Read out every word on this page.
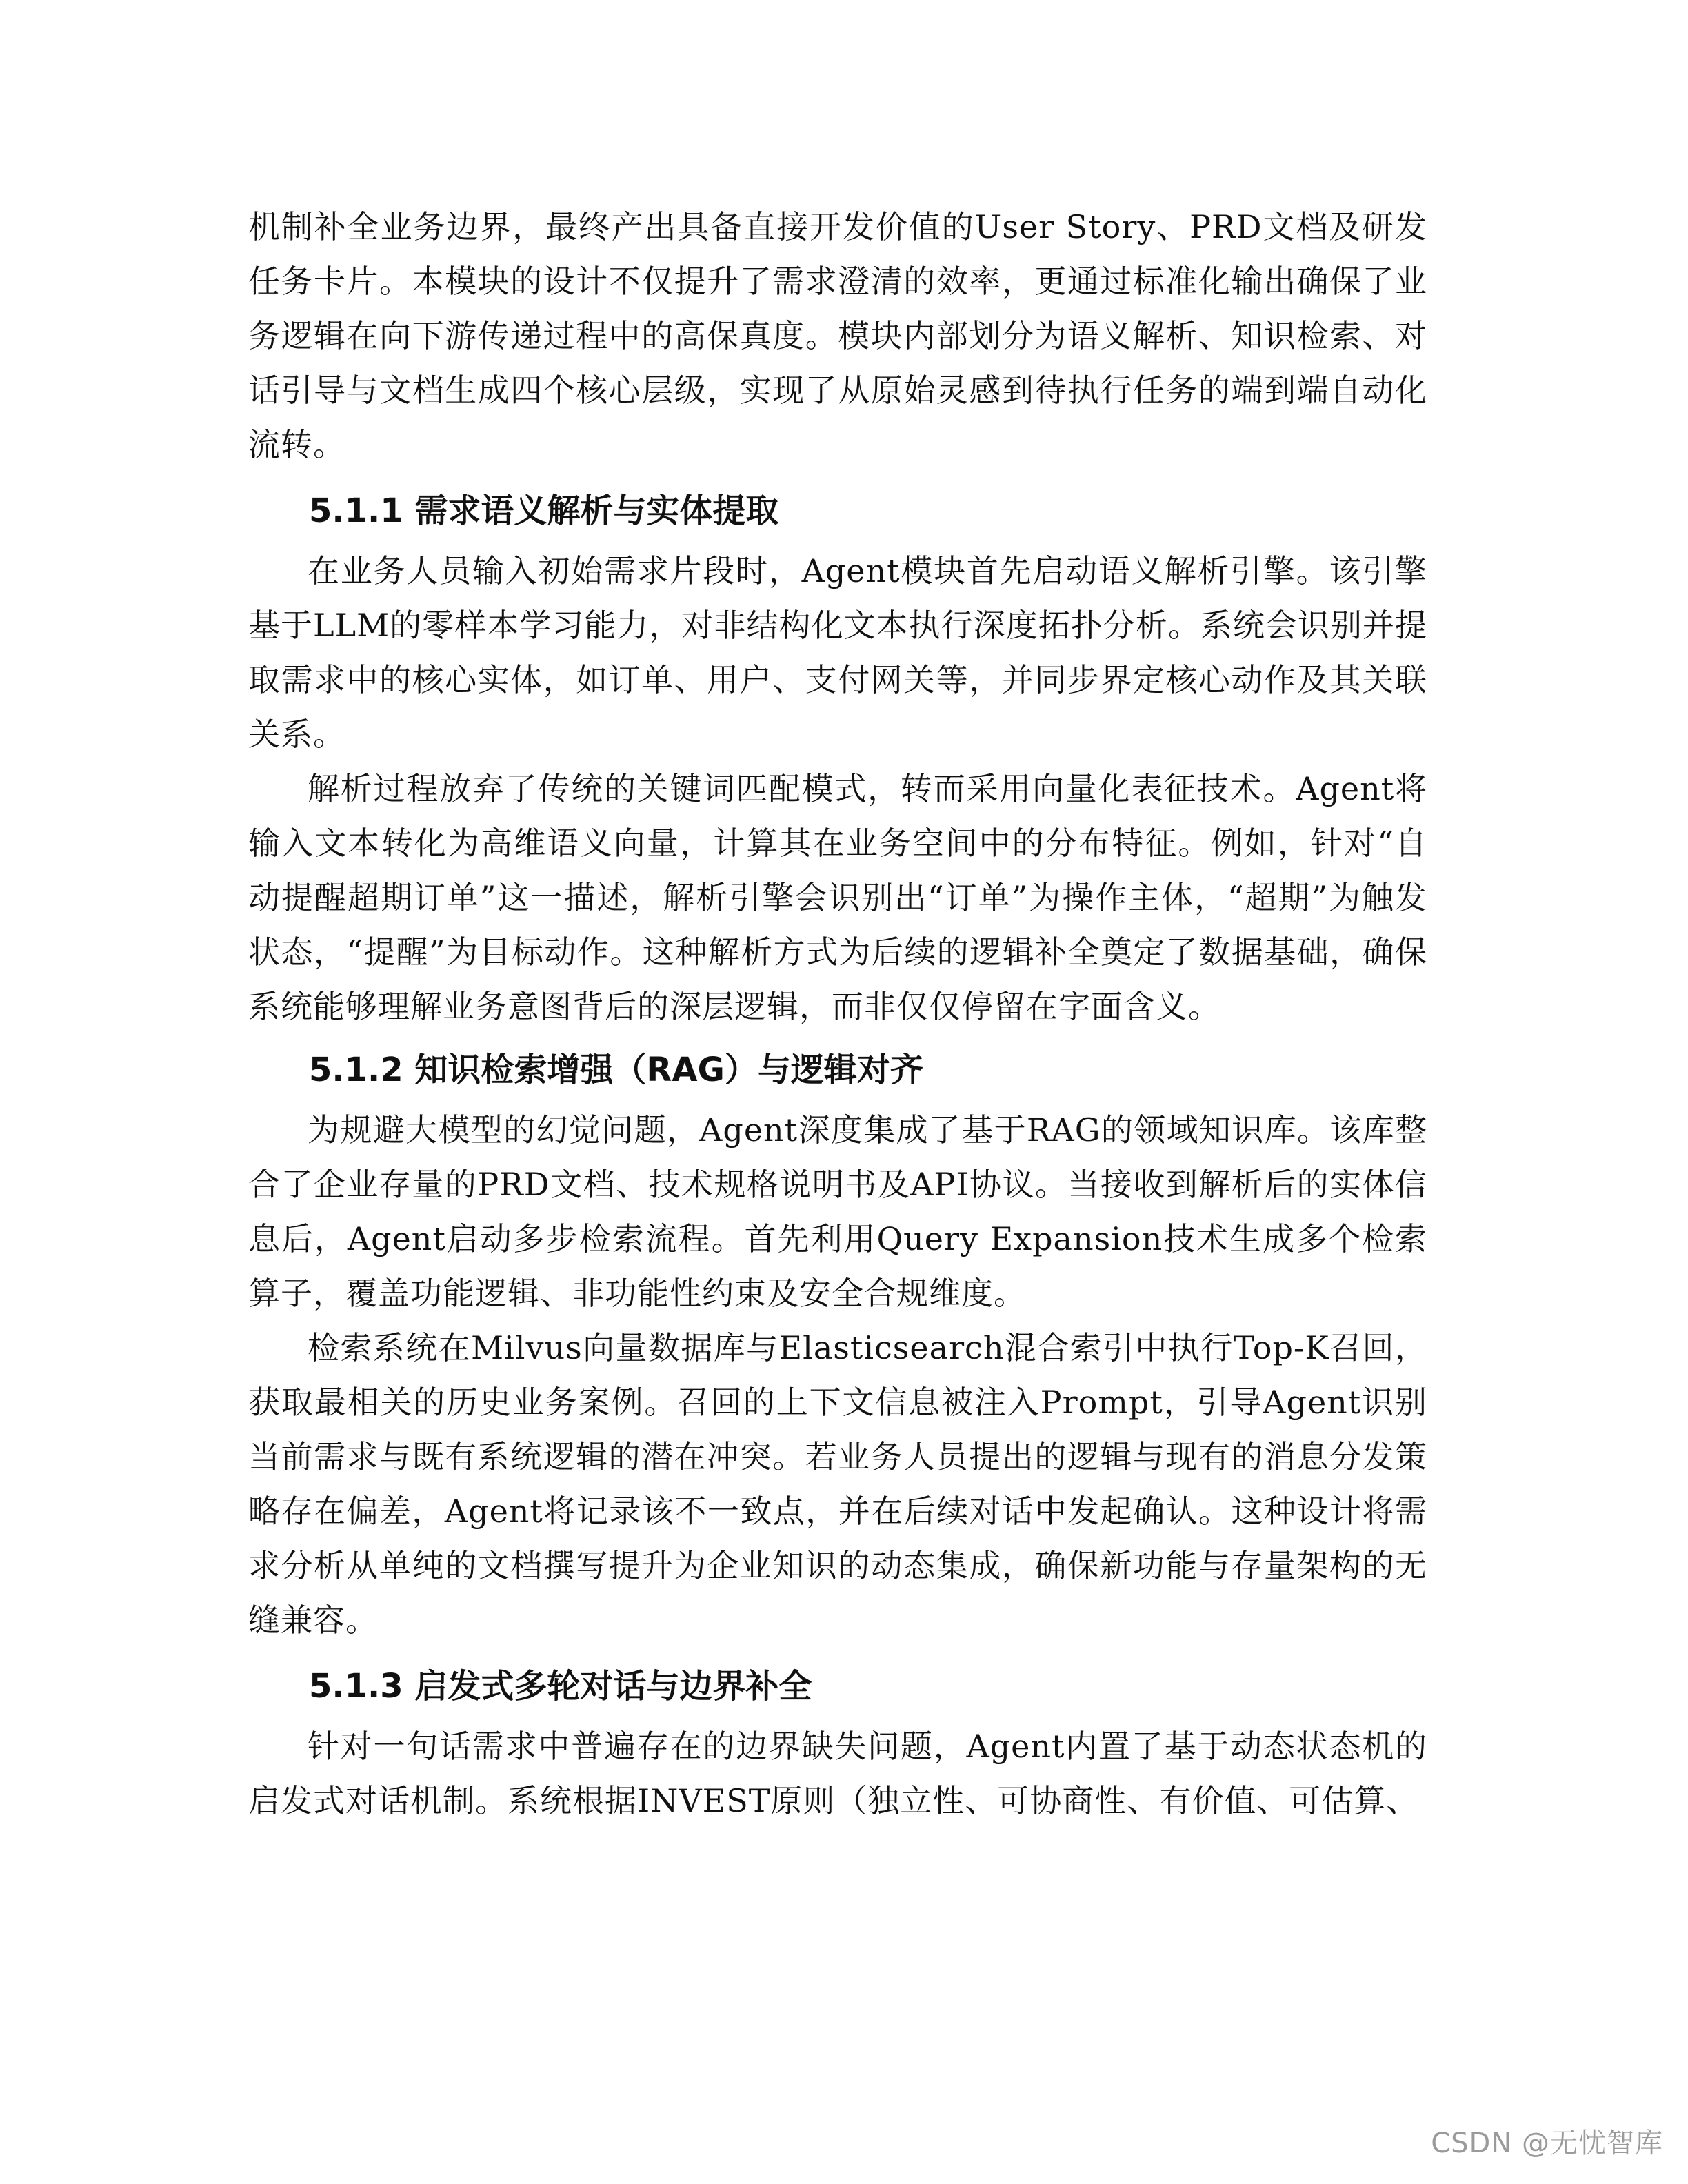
机制补全业务边界，最终产出具备直接开发价值的User Story、PRD文档及研发任务卡片。本模块的设计不仅提升了需求澄清的效率，更通过标准化输出确保了业务逻辑在向下游传递过程中的高保真度。模块内部划分为语义解析、知识检索、对话引导与文档生成四个核心层级，实现了从原始灵感到待执行任务的端到端自动化流转。

5.1.1 需求语义解析与实体提取

在业务人员输入初始需求片段时，Agent模块首先启动语义解析引擎。该引擎基于LLM的零样本学习能力，对非结构化文本执行深度拓扑分析。系统会识别并提取需求中的核心实体，如订单、用户、支付网关等，并同步界定核心动作及其关联关系。

解析过程放弃了传统的关键词匹配模式，转而采用向量化表征技术。Agent将输入文本转化为高维语义向量，计算其在业务空间中的分布特征。例如，针对“自动提醒超期订单”这一描述，解析引擎会识别出“订单”为操作主体，“超期”为触发状态，“提醒”为目标动作。这种解析方式为后续的逻辑补全奠定了数据基础，确保系统能够理解业务意图背后的深层逻辑，而非仅仅停留在字面含义。

5.1.2 知识检索增强（RAG）与逻辑对齐

为规避大模型的幻觉问题，Agent深度集成了基于RAG的领域知识库。该库整合了企业存量的PRD文档、技术规格说明书及API协议。当接收到解析后的实体信息后，Agent启动多步检索流程。首先利用Query Expansion技术生成多个检索算子，覆盖功能逻辑、非功能性约束及安全合规维度。

检索系统在Milvus向量数据库与Elasticsearch混合索引中执行Top-K召回，获取最相关的历史业务案例。召回的上下文信息被注入Prompt，引导Agent识别当前需求与既有系统逻辑的潜在冲突。若业务人员提出的逻辑与现有的消息分发策略存在偏差，Agent将记录该不一致点，并在后续对话中发起确认。这种设计将需求分析从单纯的文档撰写提升为企业知识的动态集成，确保新功能与存量架构的无缝兼容。

5.1.3 启发式多轮对话与边界补全

针对一句话需求中普遍存在的边界缺失问题，Agent内置了基于动态状态机的启发式对话机制。系统根据INVEST原则（独立性、可协商性、有价值、可估算、

CSDN @无忧智库
